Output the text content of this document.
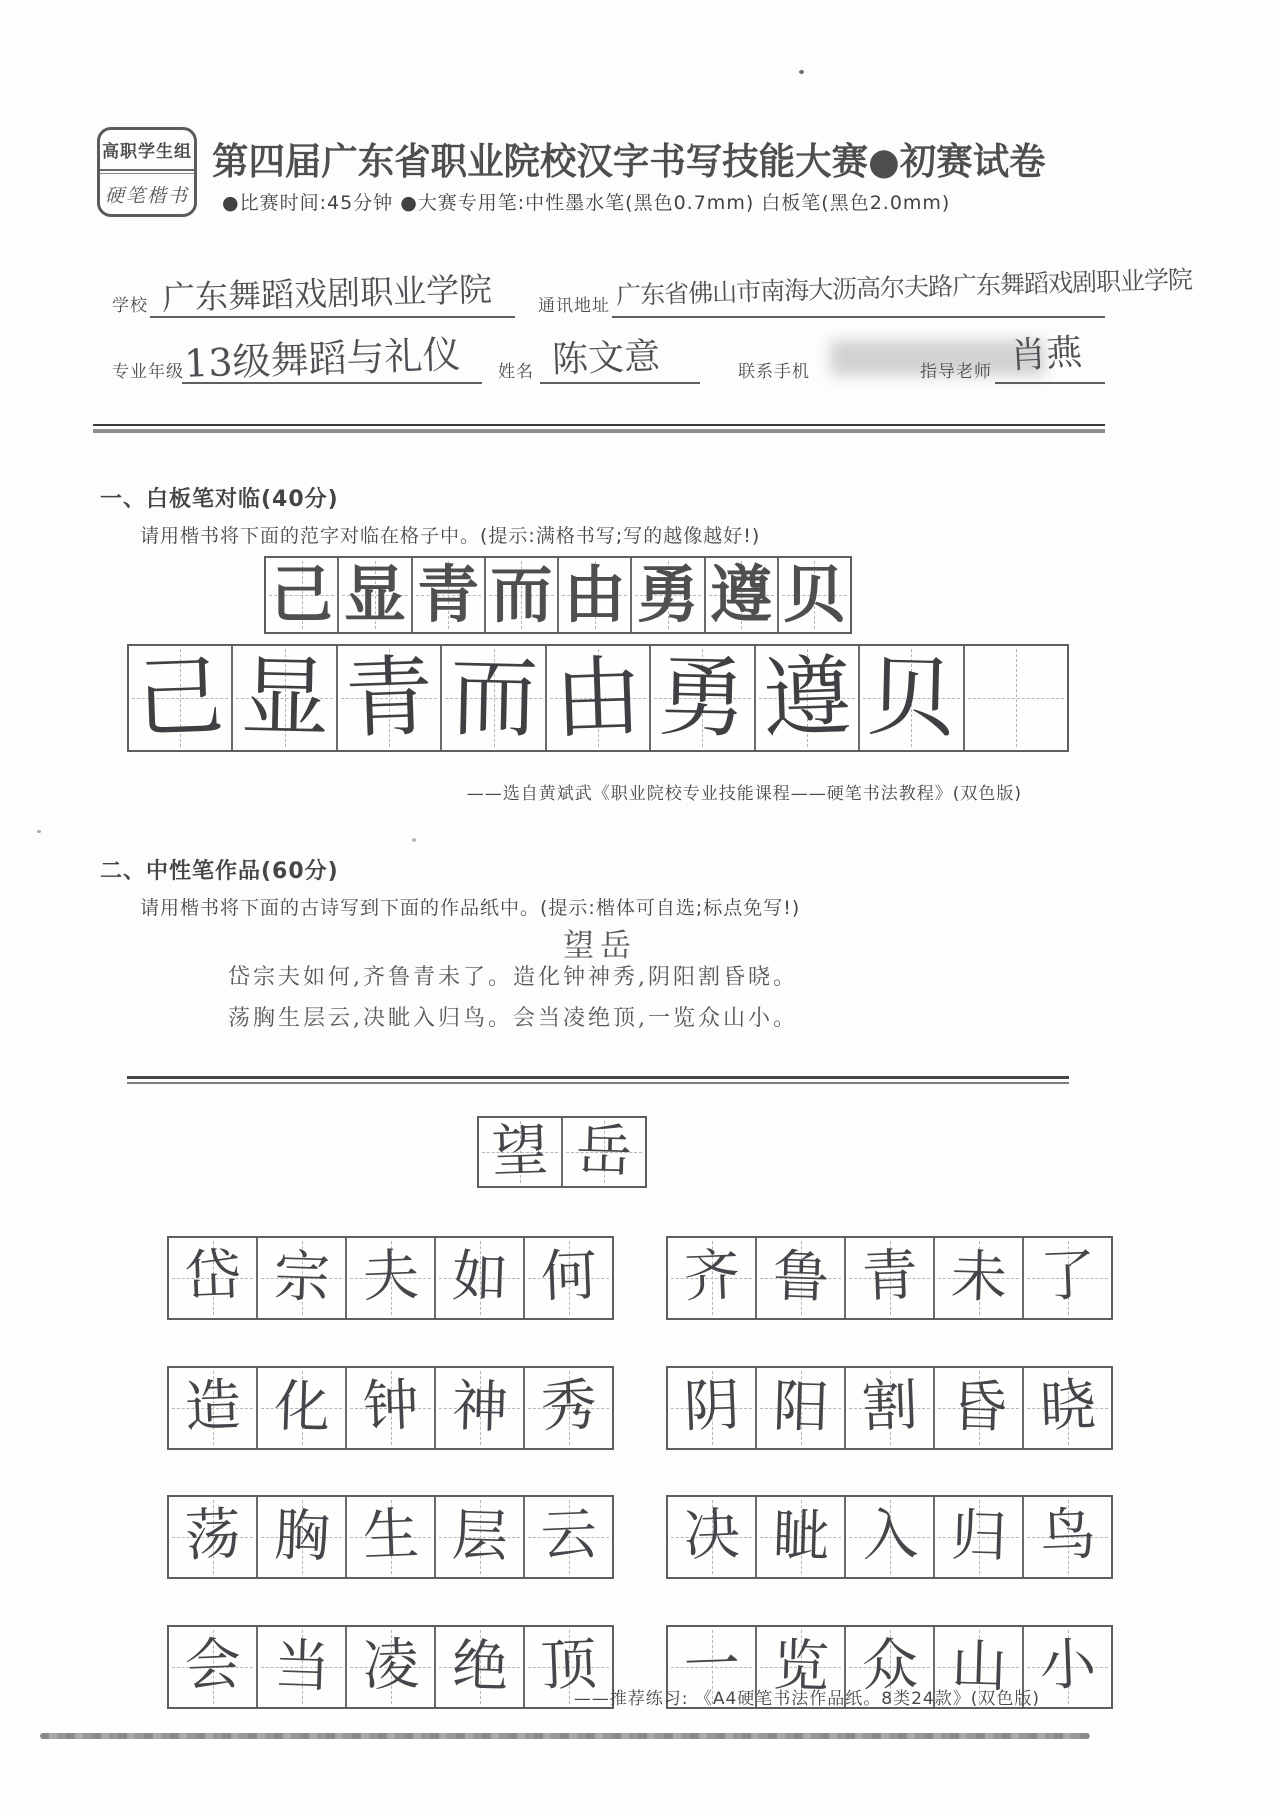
高职学生组
硬笔楷书
第四届广东省职业院校汉字书写技能大赛●初赛试卷
●比赛时间:45分钟 ●大赛专用笔:中性墨水笔(黑色0.7mm) 白板笔(黑色2.0mm)
学校 广东舞蹈戏剧职业学院	通讯地址 广东省佛山市南海大沥高尔夫路广东舞蹈戏剧职业学院
专业年级 13级舞蹈与礼仪 姓名 陈文意	联系手机	指导老师 肖燕
一、白板笔对临(40分)
请用楷书将下面的范字对临在格子中。(提示:满格书写;写的越像越好!)
己 显 青 而 由 勇 遵 贝
己 显 青 而 由 勇 遵 贝
——选自黄斌武《职业院校专业技能课程——硬笔书法教程》(双色版)
二、中性笔作品(60分)
请用楷书将下面的古诗写到下面的作品纸中。(提示:楷体可自选;标点免写!)
望岳
岱宗夫如何,齐鲁青未了。造化钟神秀,阴阳割昏晓。
荡胸生层云,决眦入归鸟。会当凌绝顶,一览众山小。
望 岳
岱 宗 夫 如 何 齐 鲁 青 未 了
造 化 钟 神 秀 阴 阳 割 昏 晓
荡 胸 生 层 云 决 眦 入 归 鸟
会 当 凌 绝 顶 一 览 众 山 小
——推荐练习: 《A4硬笔书法作品纸。8类24款》(双色版)
